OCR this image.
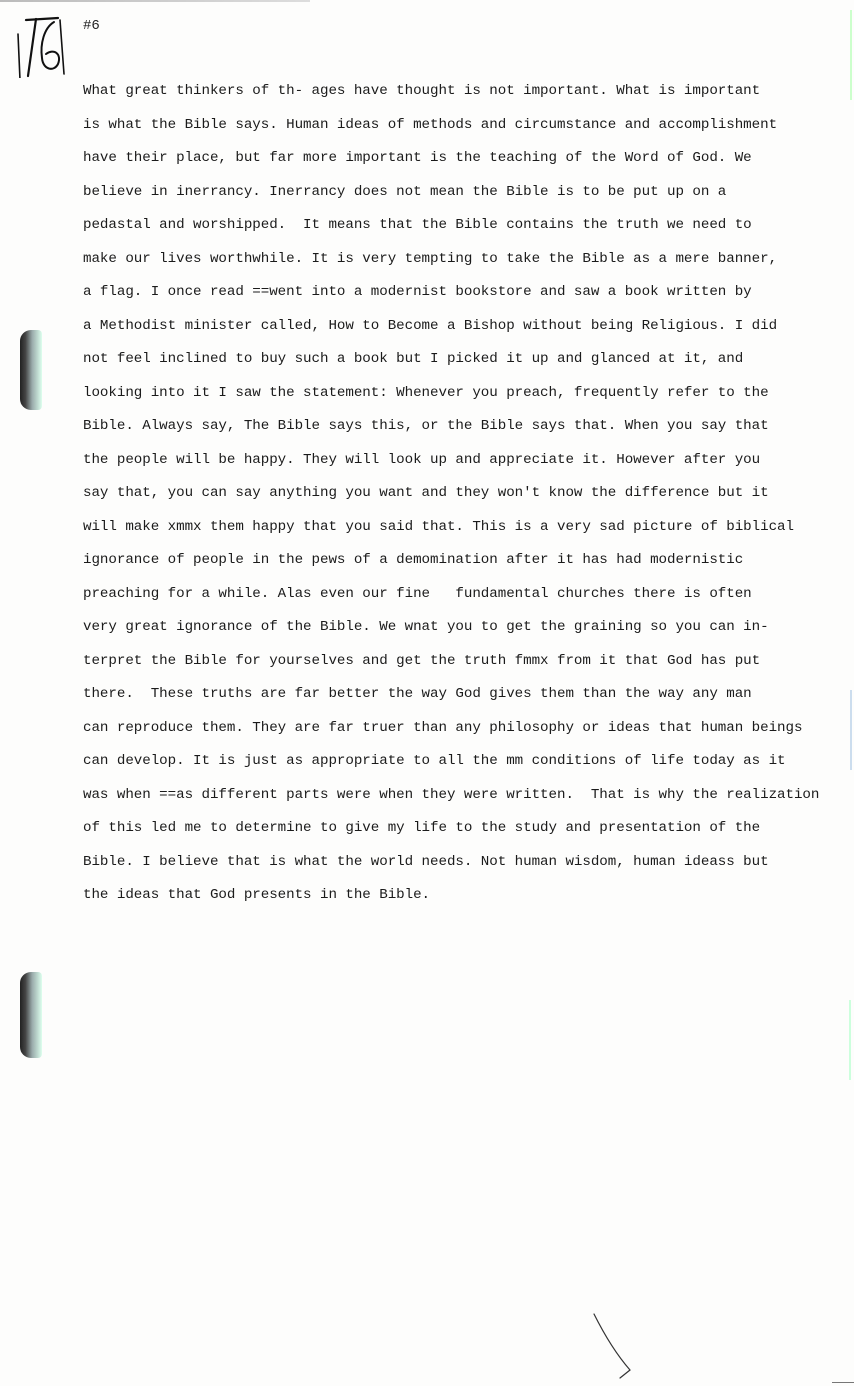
#6
What great thinkers of th- ages have thought is not important. What is important
is what the Bible says. Human ideas of methods and circumstance and accomplishment
have their place, but far more important is the teaching of the Word of God. We
believe in inerrancy. Inerrancy does not mean the Bible is to be put up on a
pedastal and worshipped.  It means that the Bible contains the truth we need to
make our lives worthwhile. It is very tempting to take the Bible as a mere banner,
a flag. I once read ==went into a modernist bookstore and saw a book written by
a Methodist minister called, How to Become a Bishop without being Religious. I did
not feel inclined to buy such a book but I picked it up and glanced at it, and
looking into it I saw the statement: Whenever you preach, frequently refer to the
Bible. Always say, The Bible says this, or the Bible says that. When you say that
the people will be happy. They will look up and appreciate it. However after you
say that, you can say anything you want and they won't know the difference but it
will make xmmx them happy that you said that. This is a very sad picture of biblical
ignorance of people in the pews of a demomination after it has had modernistic
preaching for a while. Alas even our fine   fundamental churches there is often
very great ignorance of the Bible. We wnat you to get the graining so you can in-
terpret the Bible for yourselves and get the truth fmmx from it that God has put
there.  These truths are far better the way God gives them than the way any man
can reproduce them. They are far truer than any philosophy or ideas that human beings
can develop. It is just as appropriate to all the mm conditions of life today as it
was when ==as different parts were when they were written.  That is why the realization
of this led me to determine to give my life to the study and presentation of the
Bible. I believe that is what the world needs. Not human wisdom, human ideass but
the ideas that God presents in the Bible.
